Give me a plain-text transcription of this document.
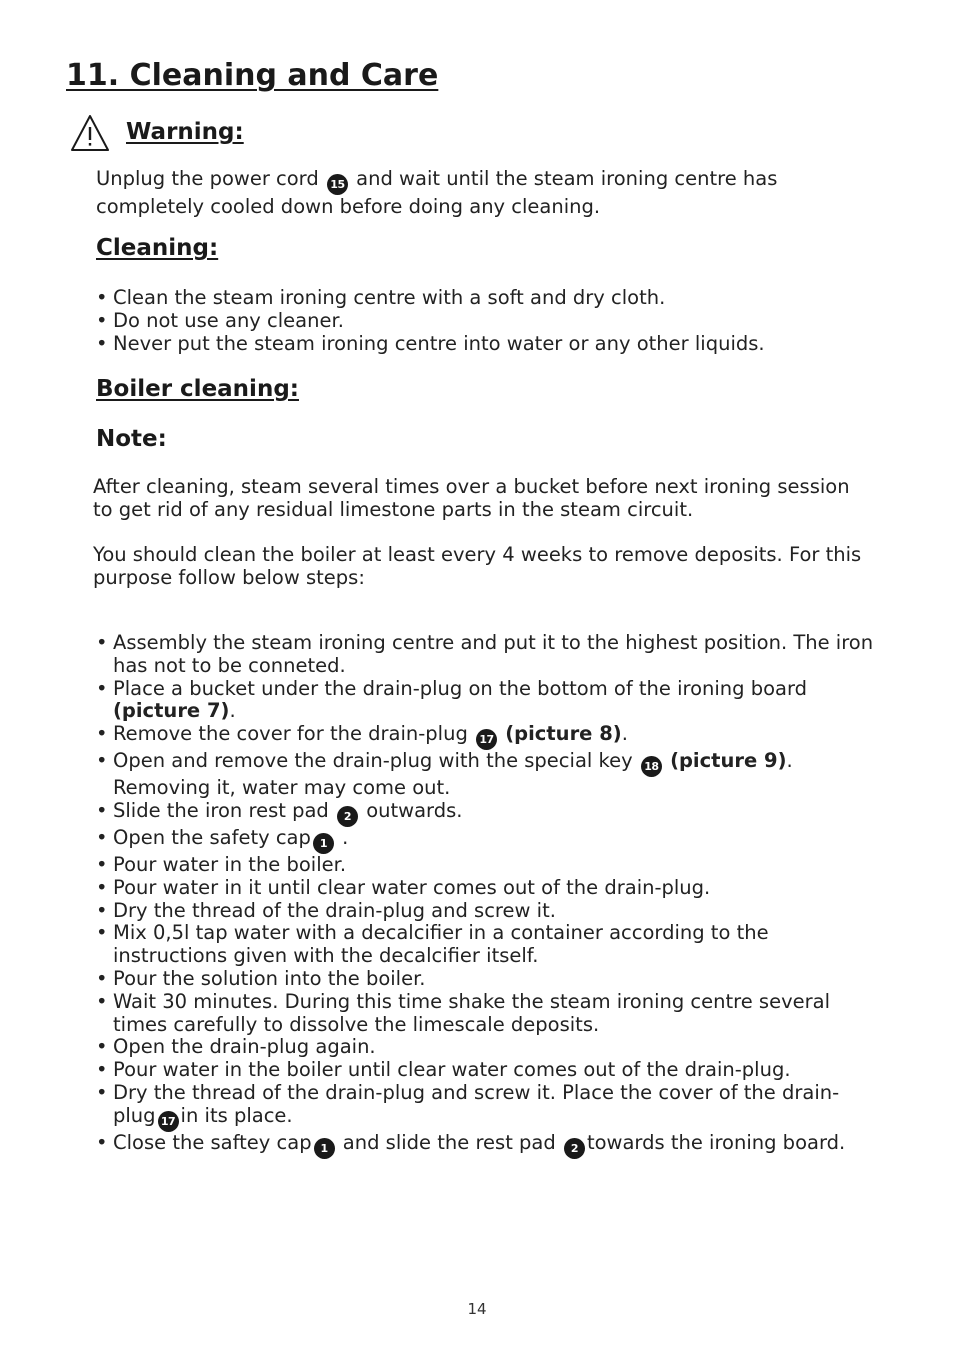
11. Cleaning and Care
Warning:

Unplug the power cord 15 and wait until the steam ironing centre has completely cooled down before doing any cleaning.

Cleaning:
• Clean the steam ironing centre with a soft and dry cloth.
• Do not use any cleaner.
• Never put the steam ironing centre into water or any other liquids.
Boiler cleaning:
Note:

After cleaning, steam several times over a bucket before next ironing session to get rid of any residual limestone parts in the steam circuit.

You should clean the boiler at least every 4 weeks to remove deposits. For this purpose follow below steps:

• Assembly the steam ironing centre and put it to the highest position. The iron has not to be conneted.
• Place a bucket under the drain-plug on the bottom of the ironing board (picture 7).
• Remove the cover for the drain-plug 17 (picture 8).
• Open and remove the drain-plug with the special key 18 (picture 9). Removing it, water may come out.
• Slide the iron rest pad 2 outwards.
• Open the safety cap 1 .
• Pour water in the boiler.
• Pour water in it until clear water comes out of the drain-plug.
• Dry the thread of the drain-plug and screw it.
• Mix 0,5l tap water with a decalcifier in a container according to the instructions given with the decalcifier itself.
• Pour the solution into the boiler.
• Wait 30 minutes. During this time shake the steam ironing centre several times carefully to dissolve the limescale deposits.
• Open the drain-plug again.
• Pour water in the boiler until clear water comes out of the drain-plug.
• Dry the thread of the drain-plug and screw it. Place the cover of the drain-plug 17 in its place.
• Close the saftey cap 1 and slide the rest pad 2 towards the ironing board.
14
